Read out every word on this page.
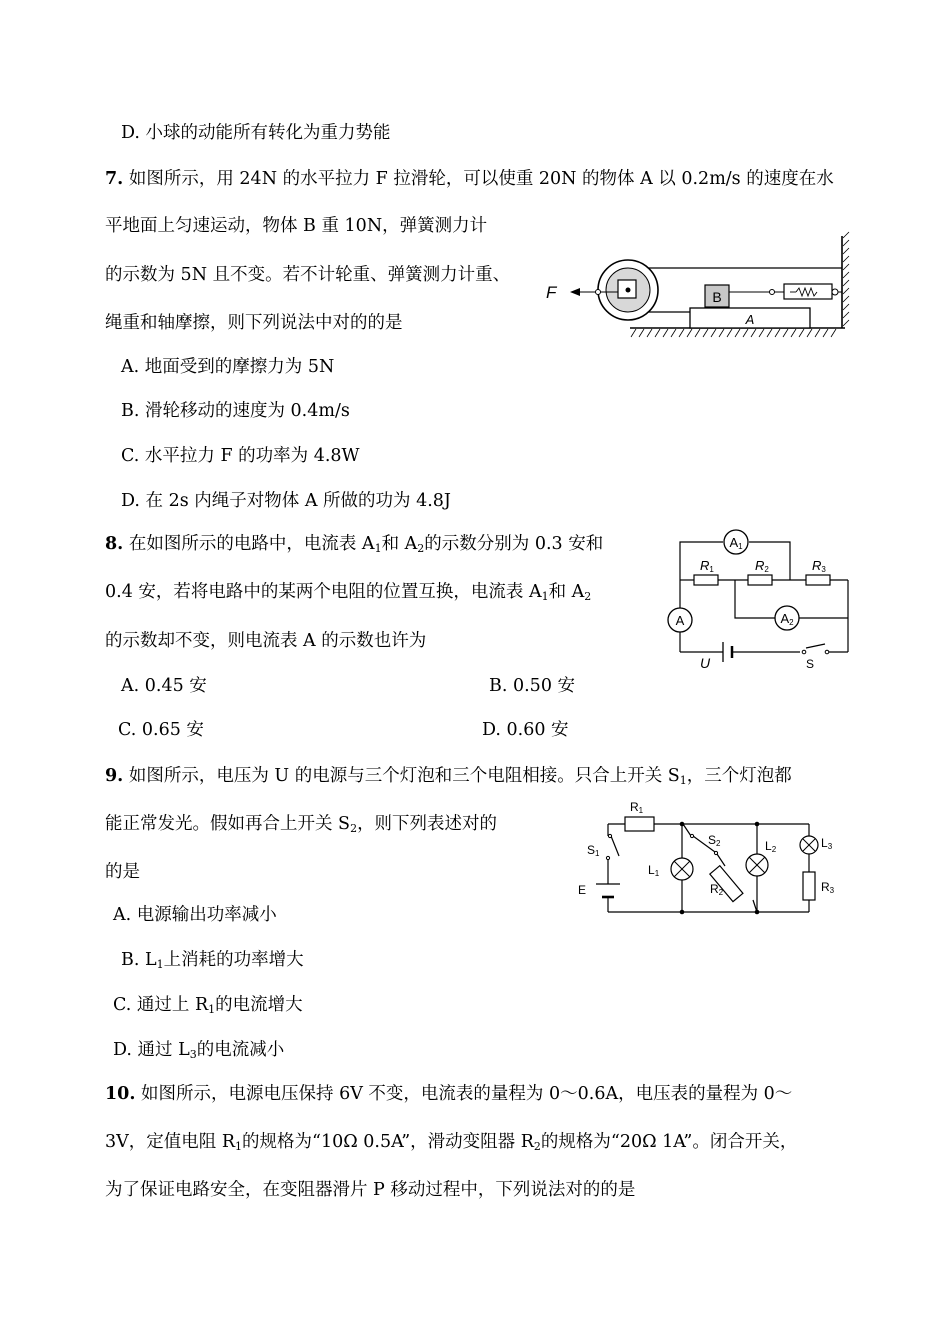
D. 小球的动能所有转化为重力势能
7. 如图所示，用 24N 的水平拉力 F 拉滑轮，可以使重 20N 的物体 A 以 0.2m/s 的速度在水
平地面上匀速运动，物体 B 重 10N，弹簧测力计
的示数为 5N 且不变。若不计轮重、弹簧测力计重、
绳重和轴摩擦，则下列说法中对的的是
A. 地面受到的摩擦力为 5N
B. 滑轮移动的速度为 0.4m/s
C. 水平拉力 F 的功率为 4.8W
D. 在 2s 内绳子对物体 A 所做的功为 4.8J
A
B
F
8. 在如图所示的电路中，电流表 $A_1$和 $A_2$的示数分别为 0.3 安和
0.4 安，若将电路中的某两个电阻的位置互换，电流表 $A_1$和 $A_2$
的示数却不变，则电流表 A 的示数也许为
A. 0.45 安	B. 0.50 安
C. 0.65 安	D. 0.60 安
A1
A2
A
R1	R2	R3
U	S
9. 如图所示，电压为 U 的电源与三个灯泡和三个电阻相接。只合上开关 $S_1$，三个灯泡都
能正常发光。假如再合上开关 $S_2$，则下列表述对的
的是
A. 电源输出功率减小
B. $L_1$上消耗的功率增大
C. 通过上 $R_1$的电流增大
D. 通过 $L_3$的电流减小
R1
S1
S2
L1
R2
L2	L3
R3
E
10. 如图所示，电源电压保持 6V 不变，电流表的量程为 0～0.6A，电压表的量程为 0～
3V，定值电阻 $R_1$的规格为“10Ω 0.5A”，滑动变阻器 $R_2$的规格为“20Ω 1A”。闭合开关，
为了保证电路安全，在变阻器滑片 P 移动过程中，下列说法对的的是
